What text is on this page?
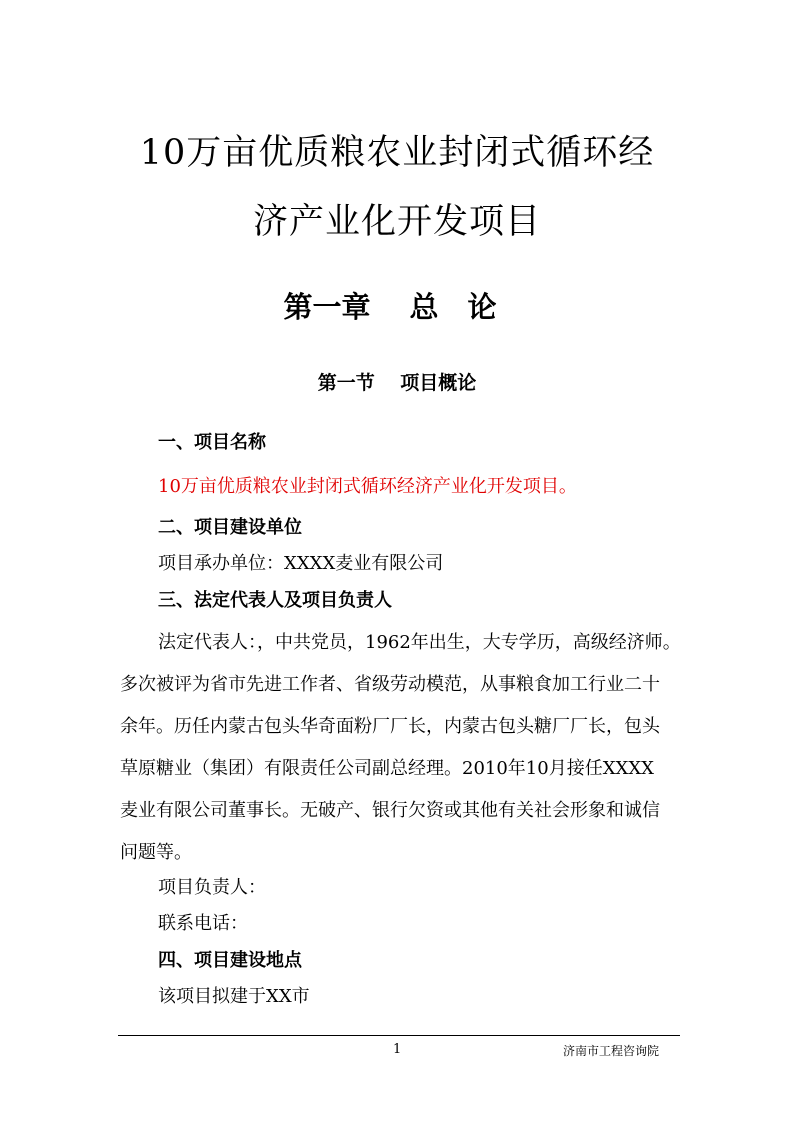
10万亩优质粮农业封闭式循环经
济产业化开发项目
第一章　 总　论
第一节　 项目概论
一、项目名称
10万亩优质粮农业封闭式循环经济产业化开发项目。
二、项目建设单位
项目承办单位：XXXX麦业有限公司
三、法定代表人及项目负责人
法定代表人：，中共党员，1962年出生，大专学历，高级经济师。
多次被评为省市先进工作者、省级劳动模范，从事粮食加工行业二十
余年。历任内蒙古包头华奇面粉厂厂长，内蒙古包头糖厂厂长，包头
草原糖业（集团）有限责任公司副总经理。2010年10月接任XXXX
麦业有限公司董事长。无破产、银行欠资或其他有关社会形象和诚信
问题等。
项目负责人：
联系电话：
四、项目建设地点
该项目拟建于XX市
1	济南市工程咨询院
